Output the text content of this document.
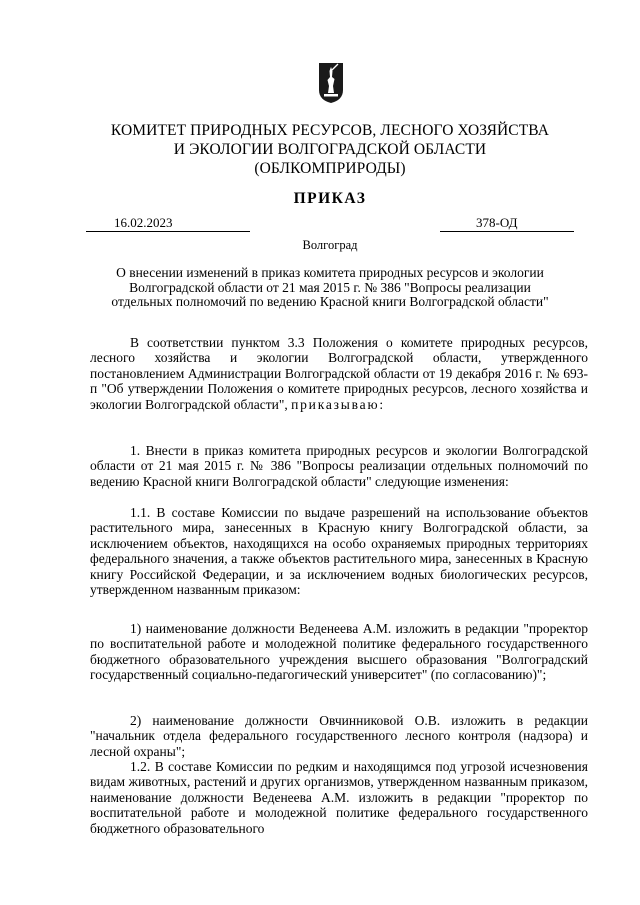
КОМИТЕТ ПРИРОДНЫХ РЕСУРСОВ, ЛЕСНОГО ХОЗЯЙСТВА
И ЭКОЛОГИИ ВОЛГОГРАДСКОЙ ОБЛАСТИ
(ОБЛКОМПРИРОДЫ)
ПРИКАЗ
16.02.2023	378-ОД
Волгоград
О внесении изменений в приказ комитета природных ресурсов и экологии
Волгоградской области от 21 мая 2015 г. № 386 "Вопросы реализации
отдельных полномочий по ведению Красной книги Волгоградской области"

В соответствии пунктом 3.3 Положения о комитете природных ресурсов, лесного хозяйства и экологии Волгоградской области, утвержденного постановлением Администрации Волгоградской области от 19 декабря 2016 г. № 693-п "Об утверждении Положения о комитете природных ресурсов, лесного хозяйства и экологии Волгоградской области", приказываю:

1. Внести в приказ комитета природных ресурсов и экологии Волгоградской области от 21 мая 2015 г. № 386 "Вопросы реализации отдельных полномочий по ведению Красной книги Волгоградской области" следующие изменения:

1.1. В составе Комиссии по выдаче разрешений на использование объектов растительного мира, занесенных в Красную книгу Волгоградской области, за исключением объектов, находящихся на особо охраняемых природных территориях федерального значения, а также объектов растительного мира, занесенных в Красную книгу Российской Федерации, и за исключением водных биологических ресурсов, утвержденном названным приказом:

1) наименование должности Веденеева А.М. изложить в редакции "проректор по воспитательной работе и молодежной политике федерального государственного бюджетного образовательного учреждения высшего образования "Волгоградский государственный социально-педагогический университет" (по согласованию)";

2) наименование должности Овчинниковой О.В. изложить в редакции "начальник отдела федерального государственного лесного контроля (надзора) и лесной охраны";

1.2. В составе Комиссии по редким и находящимся под угрозой исчезновения видам животных, растений и других организмов, утвержденном названным приказом, наименование должности Веденеева А.М. изложить в редакции "проректор по воспитательной работе и молодежной политике федерального государственного бюджетного образовательного
